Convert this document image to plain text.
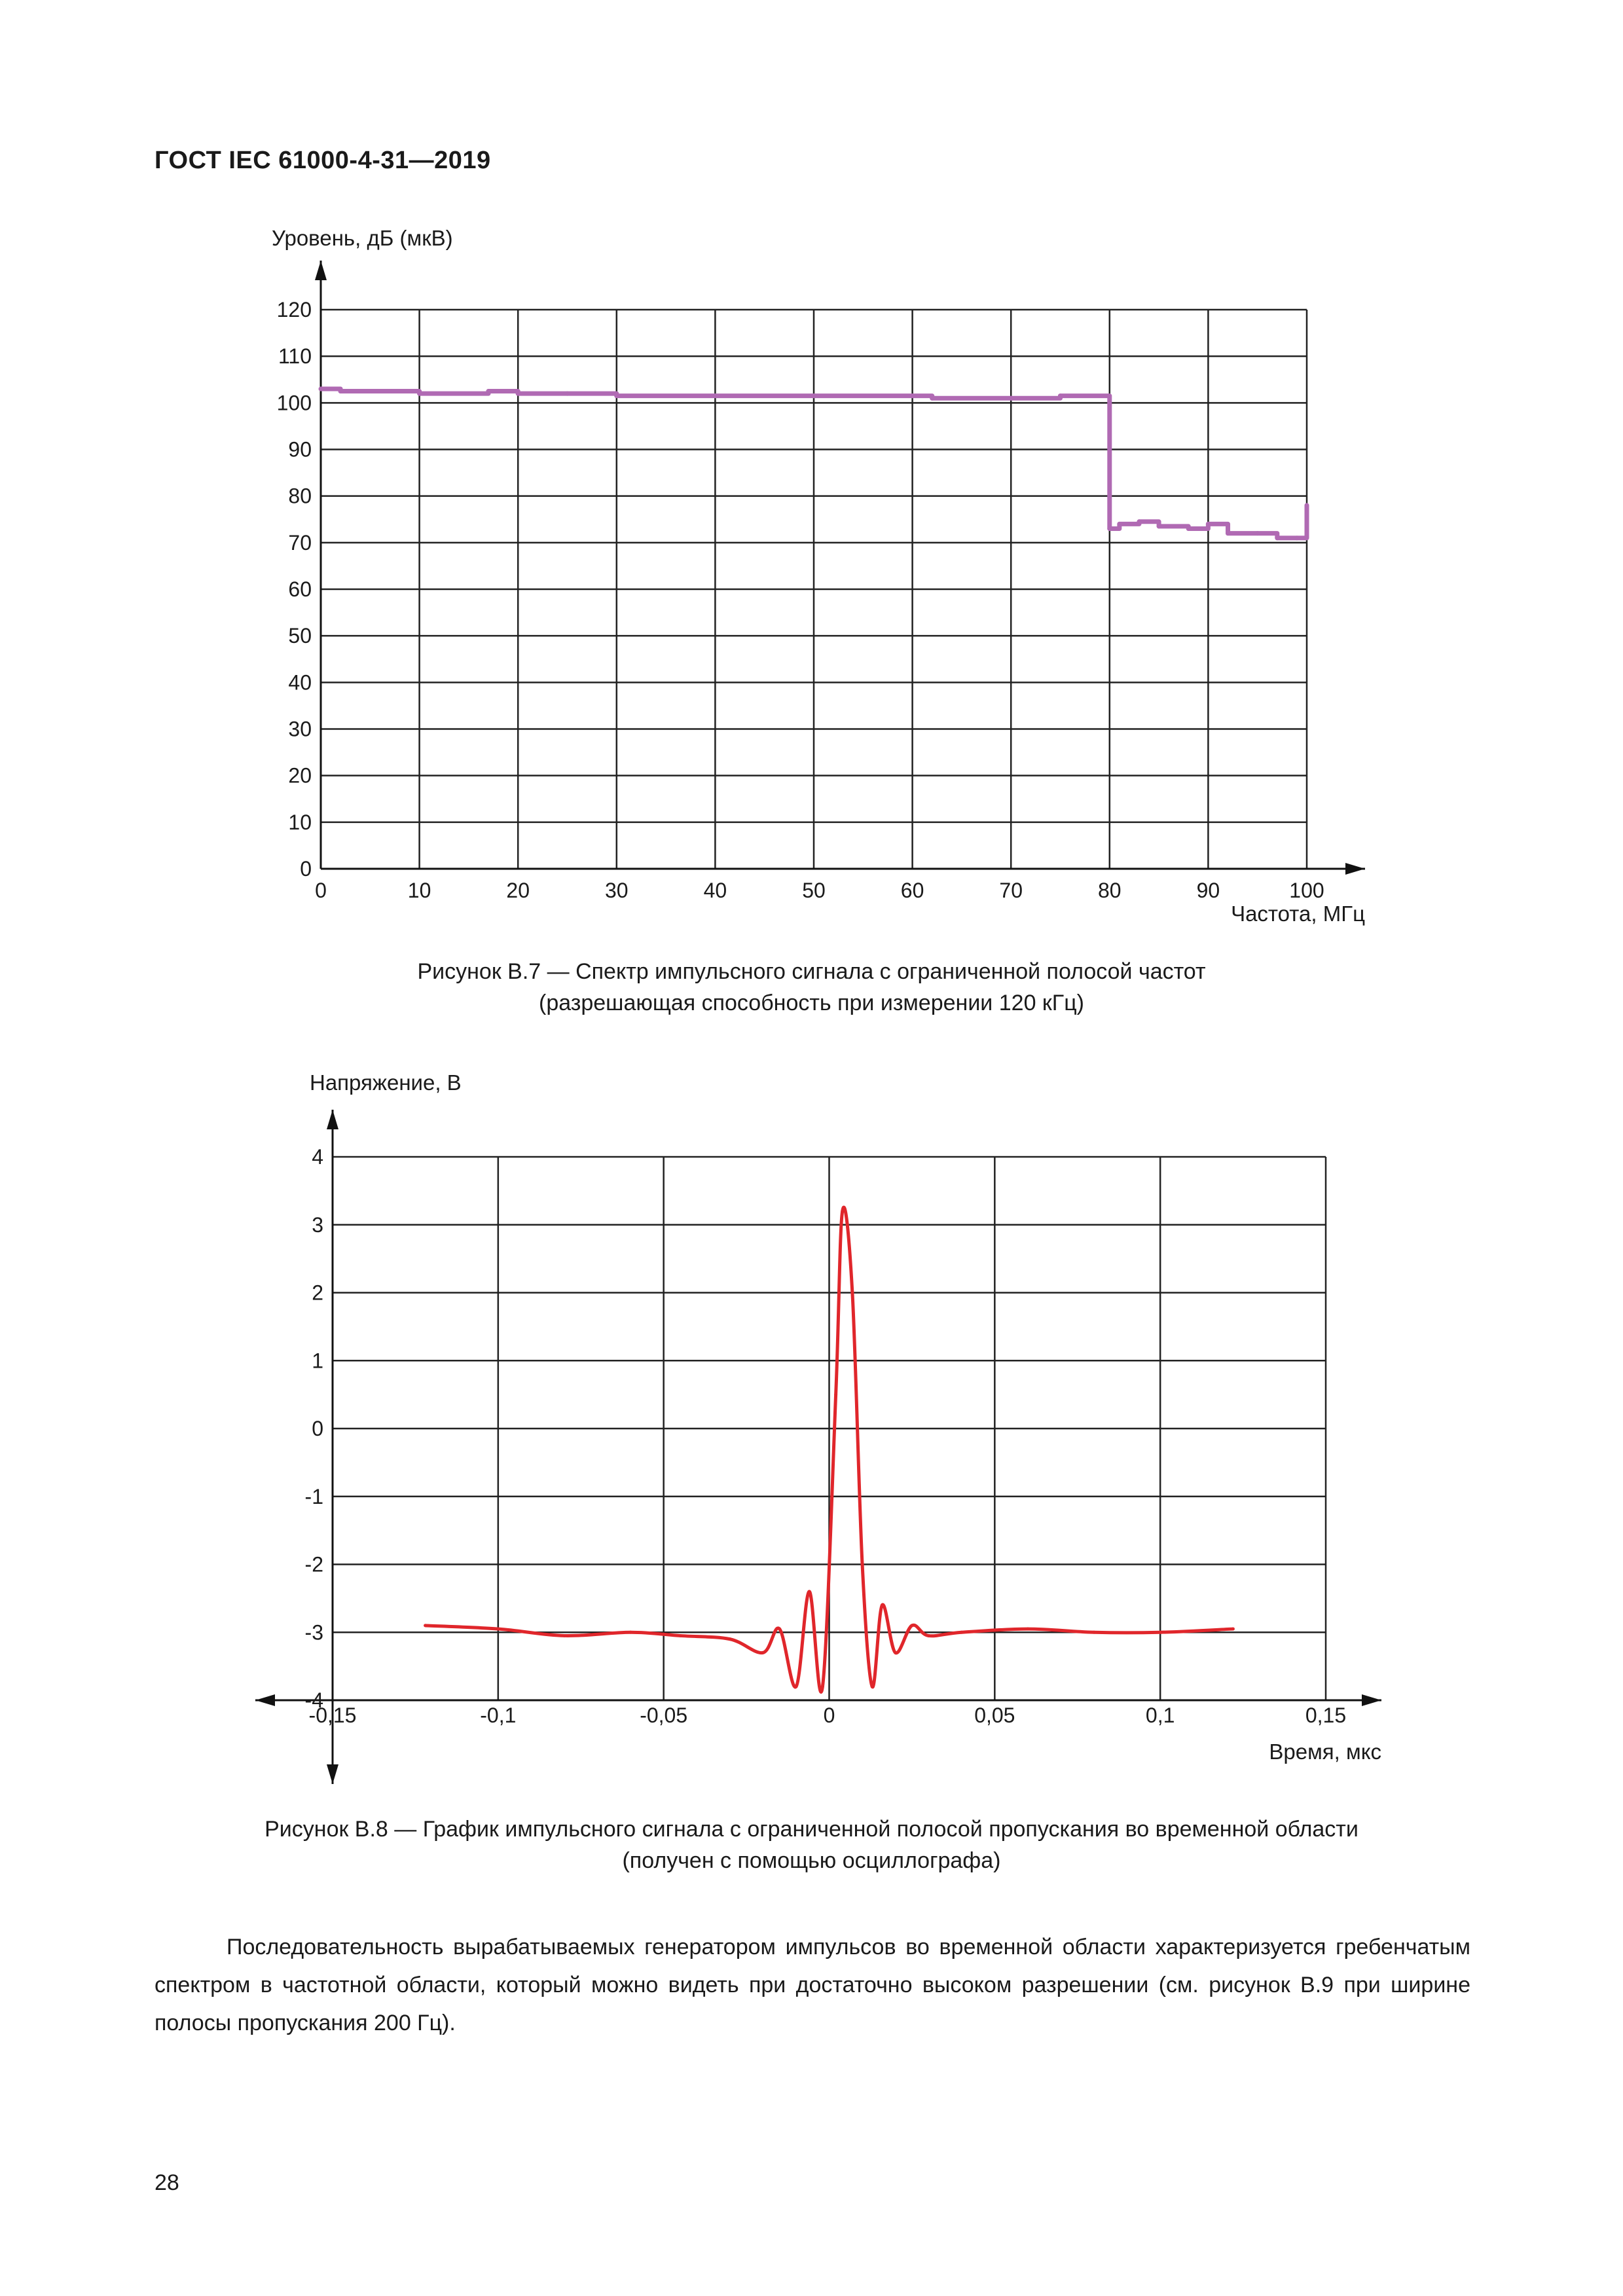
ГОСТ IEC 61000-4-31—2019
0	10	20	30	40	50	60	70	80	90	100
0
10
20
30
40
50
60
70
80
90
100
110
120
Уровень, дБ (мкВ)
Частота, МГц
Рисунок В.7 — Спектр импульсного сигнала с ограниченной полосой частот
(разрешающая способность при измерении 120 кГц)
-0,15	-0,1	-0,05	0	0,05	0,1	0,15
-4
-3
-2
-1
0
1
2
3
4
Напряжение, В
Время, мкс
Рисунок В.8 — График импульсного сигнала с ограниченной полосой пропускания во временной области
(получен с помощью осциллографа)

Последовательность вырабатываемых генератором импульсов во временной области характеризуется гребенчатым спектром в частотной области, который можно видеть при достаточно высоком разрешении (см. рисунок В.9 при ширине полосы пропускания 200 Гц).

28
